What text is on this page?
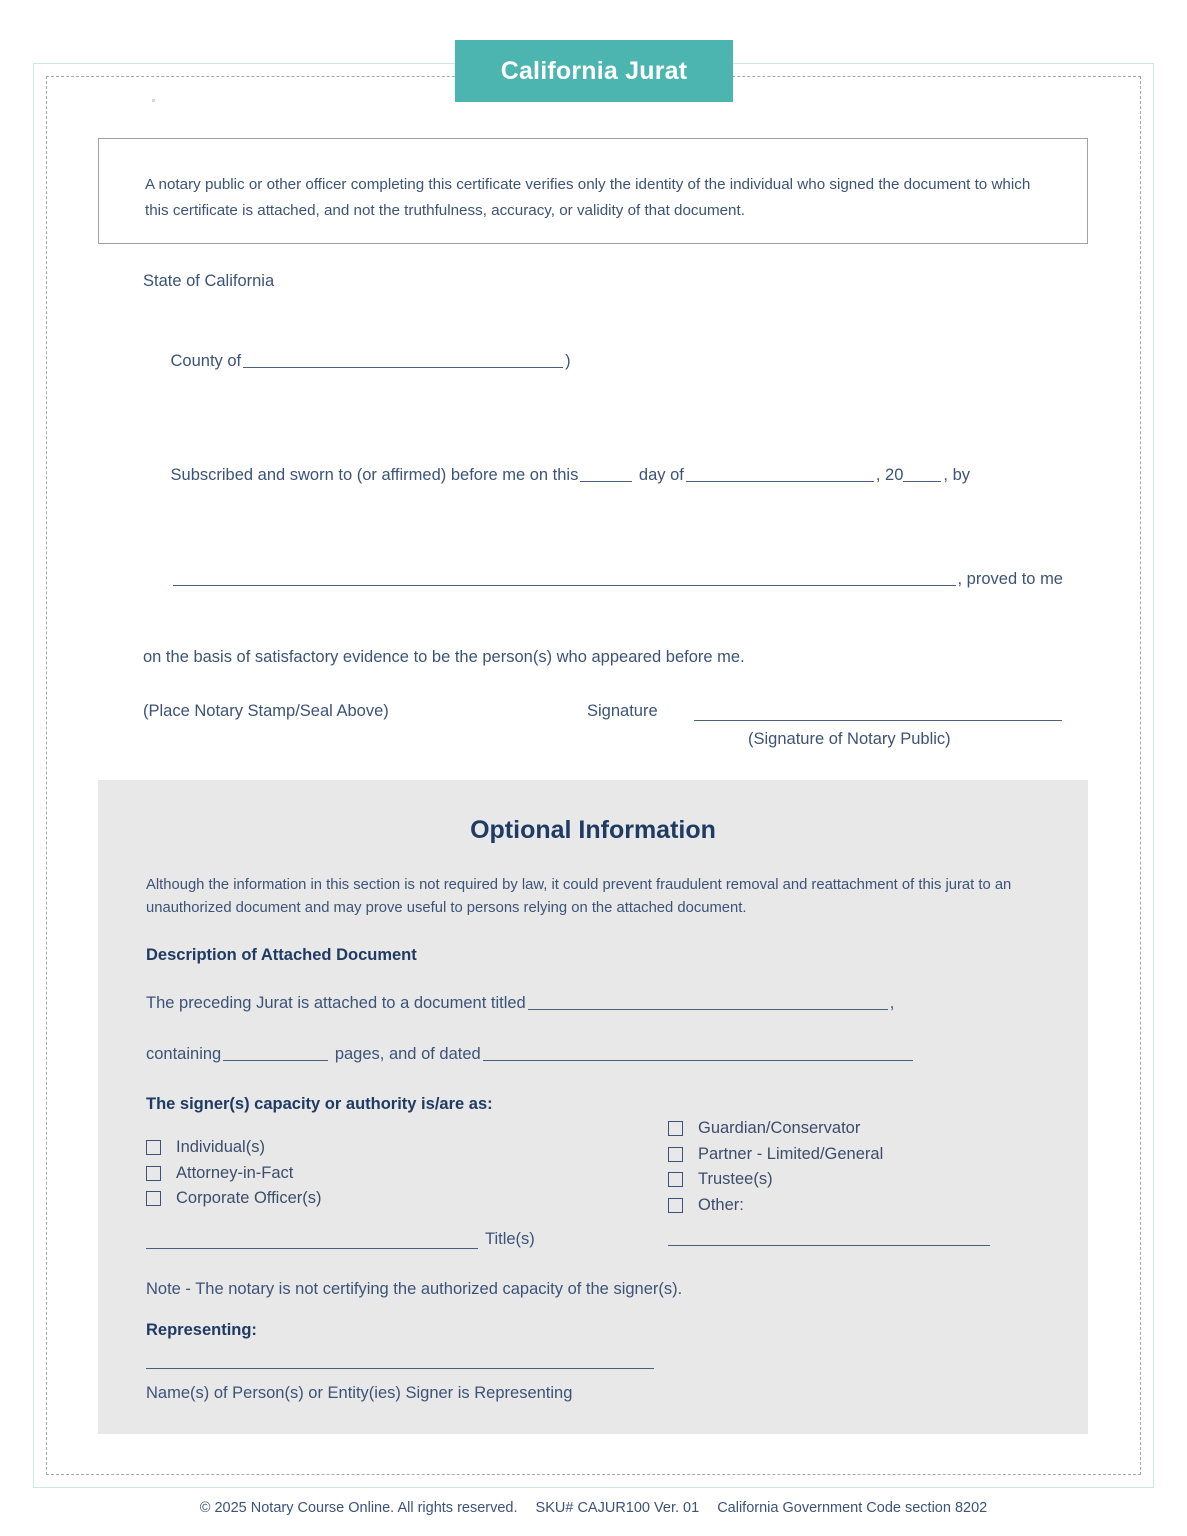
California Jurat

A notary public or other officer completing this certificate verifies only the identity of the individual who signed the document to which this certificate is attached, and not the truthfulness, accuracy, or validity of that document.

State of California

County of	)

Subscribed and sworn to (or affirmed) before me on this	day of	, 20 , by

, proved to me

on the basis of satisfactory evidence to be the person(s) who appeared before me.
(Place Notary Stamp/Seal Above)	Signature
(Signature of Notary Public)
Optional Information
Although the information in this section is not required by law, it could prevent fraudulent removal and reattachment of this jurat to an unauthorized document and may prove useful to persons relying on the attached document.
Description of Attached Document
The preceding Jurat is attached to a document titled	,
containing	pages, and of dated
The signer(s) capacity or authority is/are as:
Individual(s)
Attorney-in-Fact
Corporate Officer(s)
Guardian/Conservator
Partner - Limited/General
Trustee(s)
Other:
Title(s)
Note - The notary is not certifying the authorized capacity of the signer(s).
Representing:
Name(s) of Person(s) or Entity(ies) Signer is Representing
© 2025 Notary Course Online. All rights reserved. SKU# CAJUR100 Ver. 01 California Government Code section 8202
